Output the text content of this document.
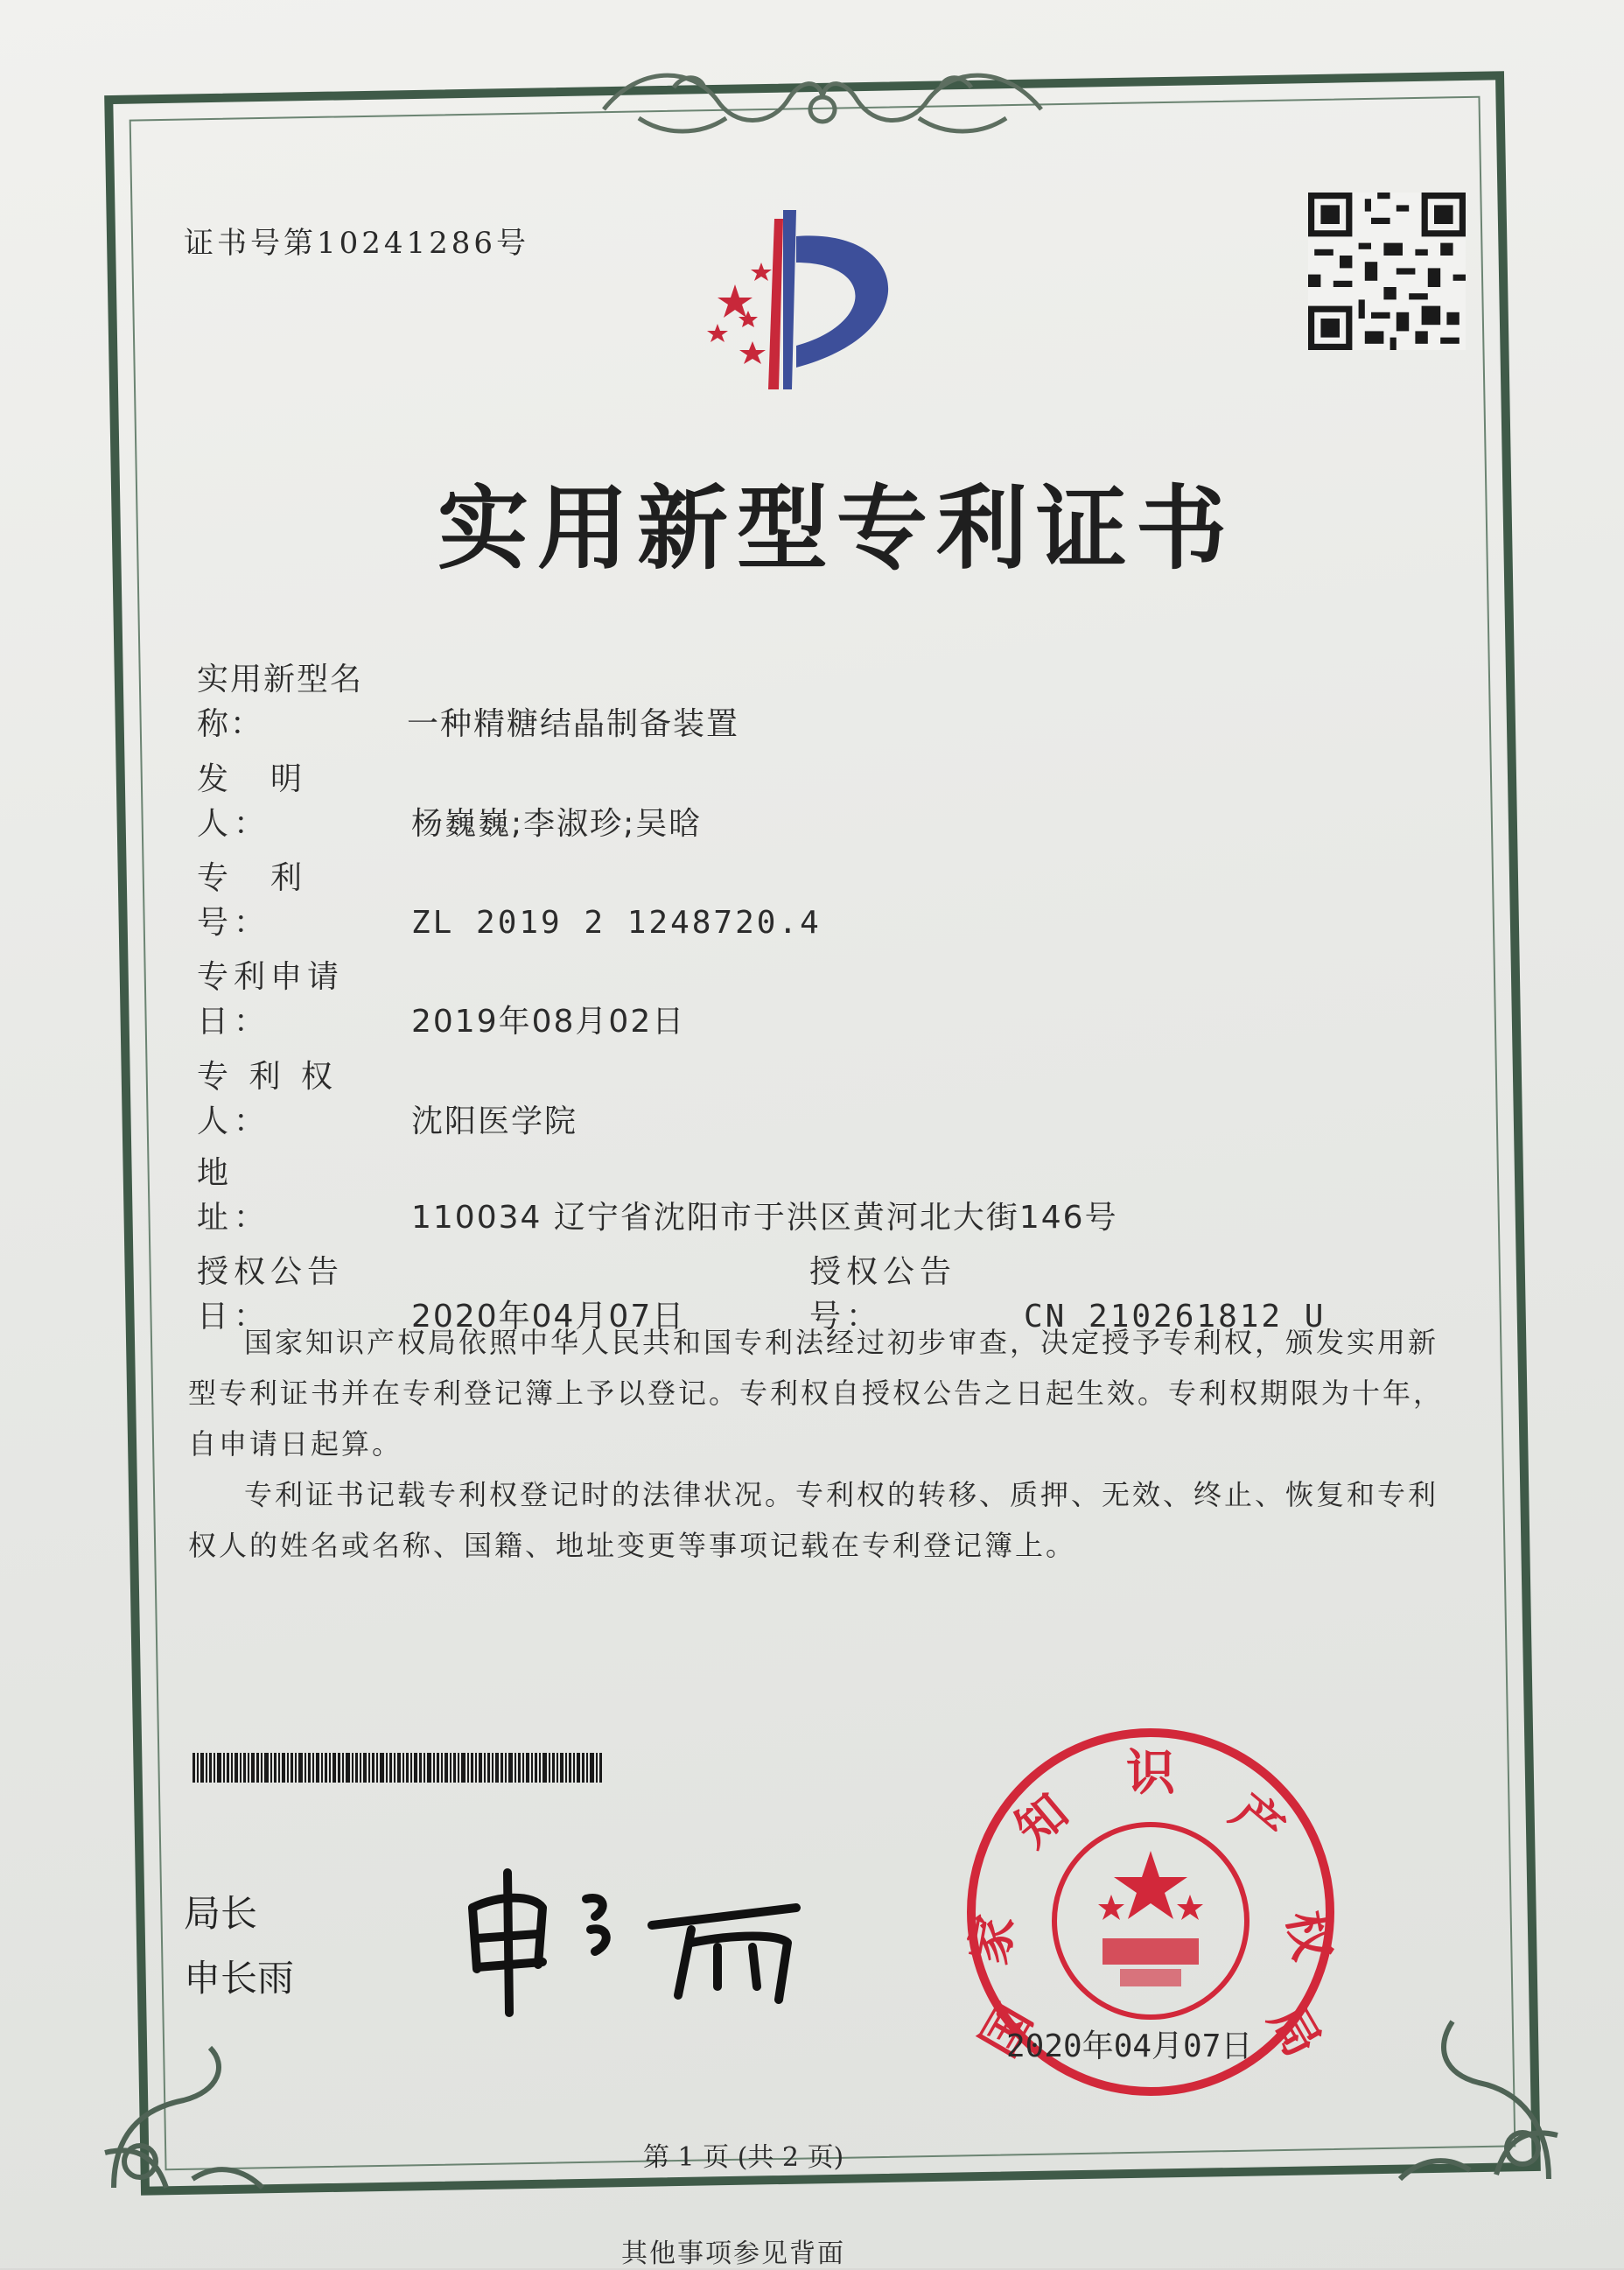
证书号第10241286号
实用新型专利证书
实用新型名称：	一种精糖结晶制备装置
发　明　人：	杨巍巍;李淑珍;吴晗
专　利　号：	ZL 2019 2 1248720.4
专利申请日：	2019年08月02日
专 利 权 人：	沈阳医学院
地　　　址：	110034 辽宁省沈阳市于洪区黄河北大街146号
授权公告日：	2020年04月07日
授权公告号：	CN 210261812 U

国家知识产权局依照中华人民共和国专利法经过初步审查，决定授予专利权，颁发实用新型专利证书并在专利登记簿上予以登记。专利权自授权公告之日起生效。专利权期限为十年，自申请日起算。

专利证书记载专利权登记时的法律状况。专利权的转移、质押、无效、终止、恢复和专利权人的姓名或名称、国籍、地址变更等事项记载在专利登记簿上。

局长
申长雨
国
家
知
识
产
权
局
2020年04月07日
第 1 页 (共 2 页)
其他事项参见背面
